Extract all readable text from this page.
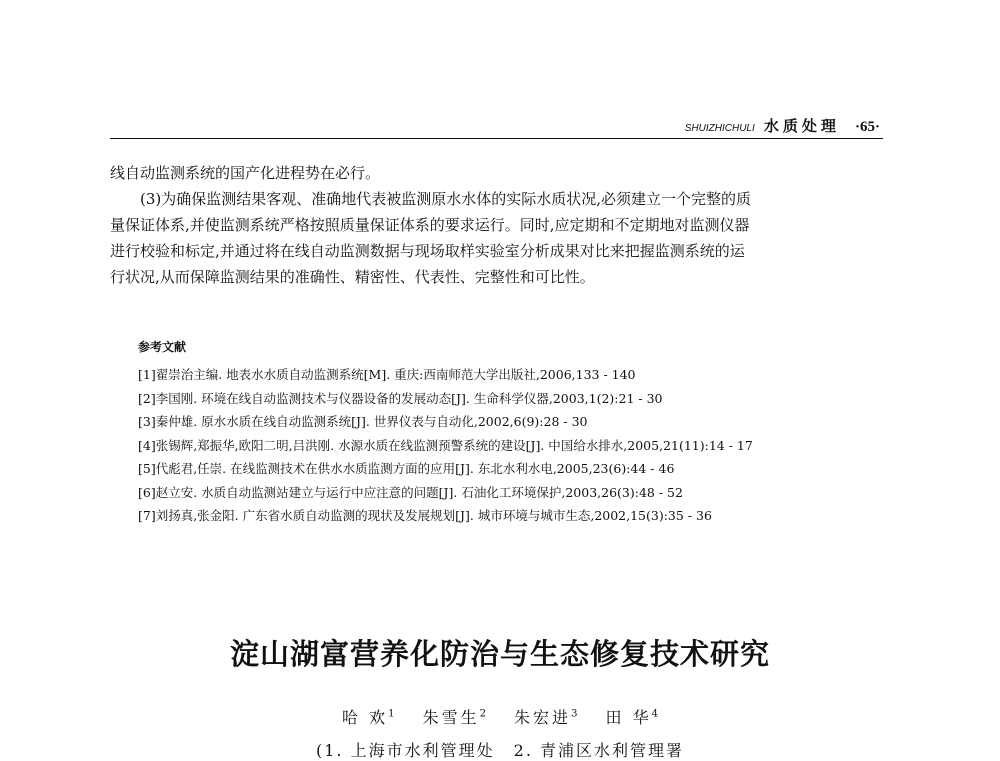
SHUIZHICHULI 水质处理 ·65·

线自动监测系统的国产化进程势在必行。

(3)为确保监测结果客观、准确地代表被监测原水水体的实际水质状况,必须建立一个完整的质

量保证体系,并使监测系统严格按照质量保证体系的要求运行。同时,应定期和不定期地对监测仪器

进行校验和标定,并通过将在线自动监测数据与现场取样实验室分析成果对比来把握监测系统的运

行状况,从而保障监测结果的准确性、精密性、代表性、完整性和可比性。

参考文献
[1]翟崇治主编. 地表水水质自动监测系统[M]. 重庆:西南师范大学出版社,2006,133 - 140
[2]李国刚. 环境在线自动监测技术与仪器设备的发展动态[J]. 生命科学仪器,2003,1(2):21 - 30
[3]秦仲雄. 原水水质在线自动监测系统[J]. 世界仪表与自动化,2002,6(9):28 - 30
[4]张锡辉,郑振华,欧阳二明,吕洪刚. 水源水质在线监测预警系统的建设[J]. 中国给水排水,2005,21(11):14 - 17
[5]代彪君,任崇. 在线监测技术在供水水质监测方面的应用[J]. 东北水利水电,2005,23(6):44 - 46
[6]赵立安. 水质自动监测站建立与运行中应注意的问题[J]. 石油化工环境保护,2003,26(3):48 - 52
[7]刘扬真,张金阳. 广东省水质自动监测的现状及发展规划[J]. 城市环境与城市生态,2002,15(3):35 - 36
淀山湖富营养化防治与生态修复技术研究
哈 欢$^1$ 朱雪生$^2$ 朱宏进$^3$ 田 华$^4$
(1. 上海市水利管理处 2. 青浦区水利管理署
